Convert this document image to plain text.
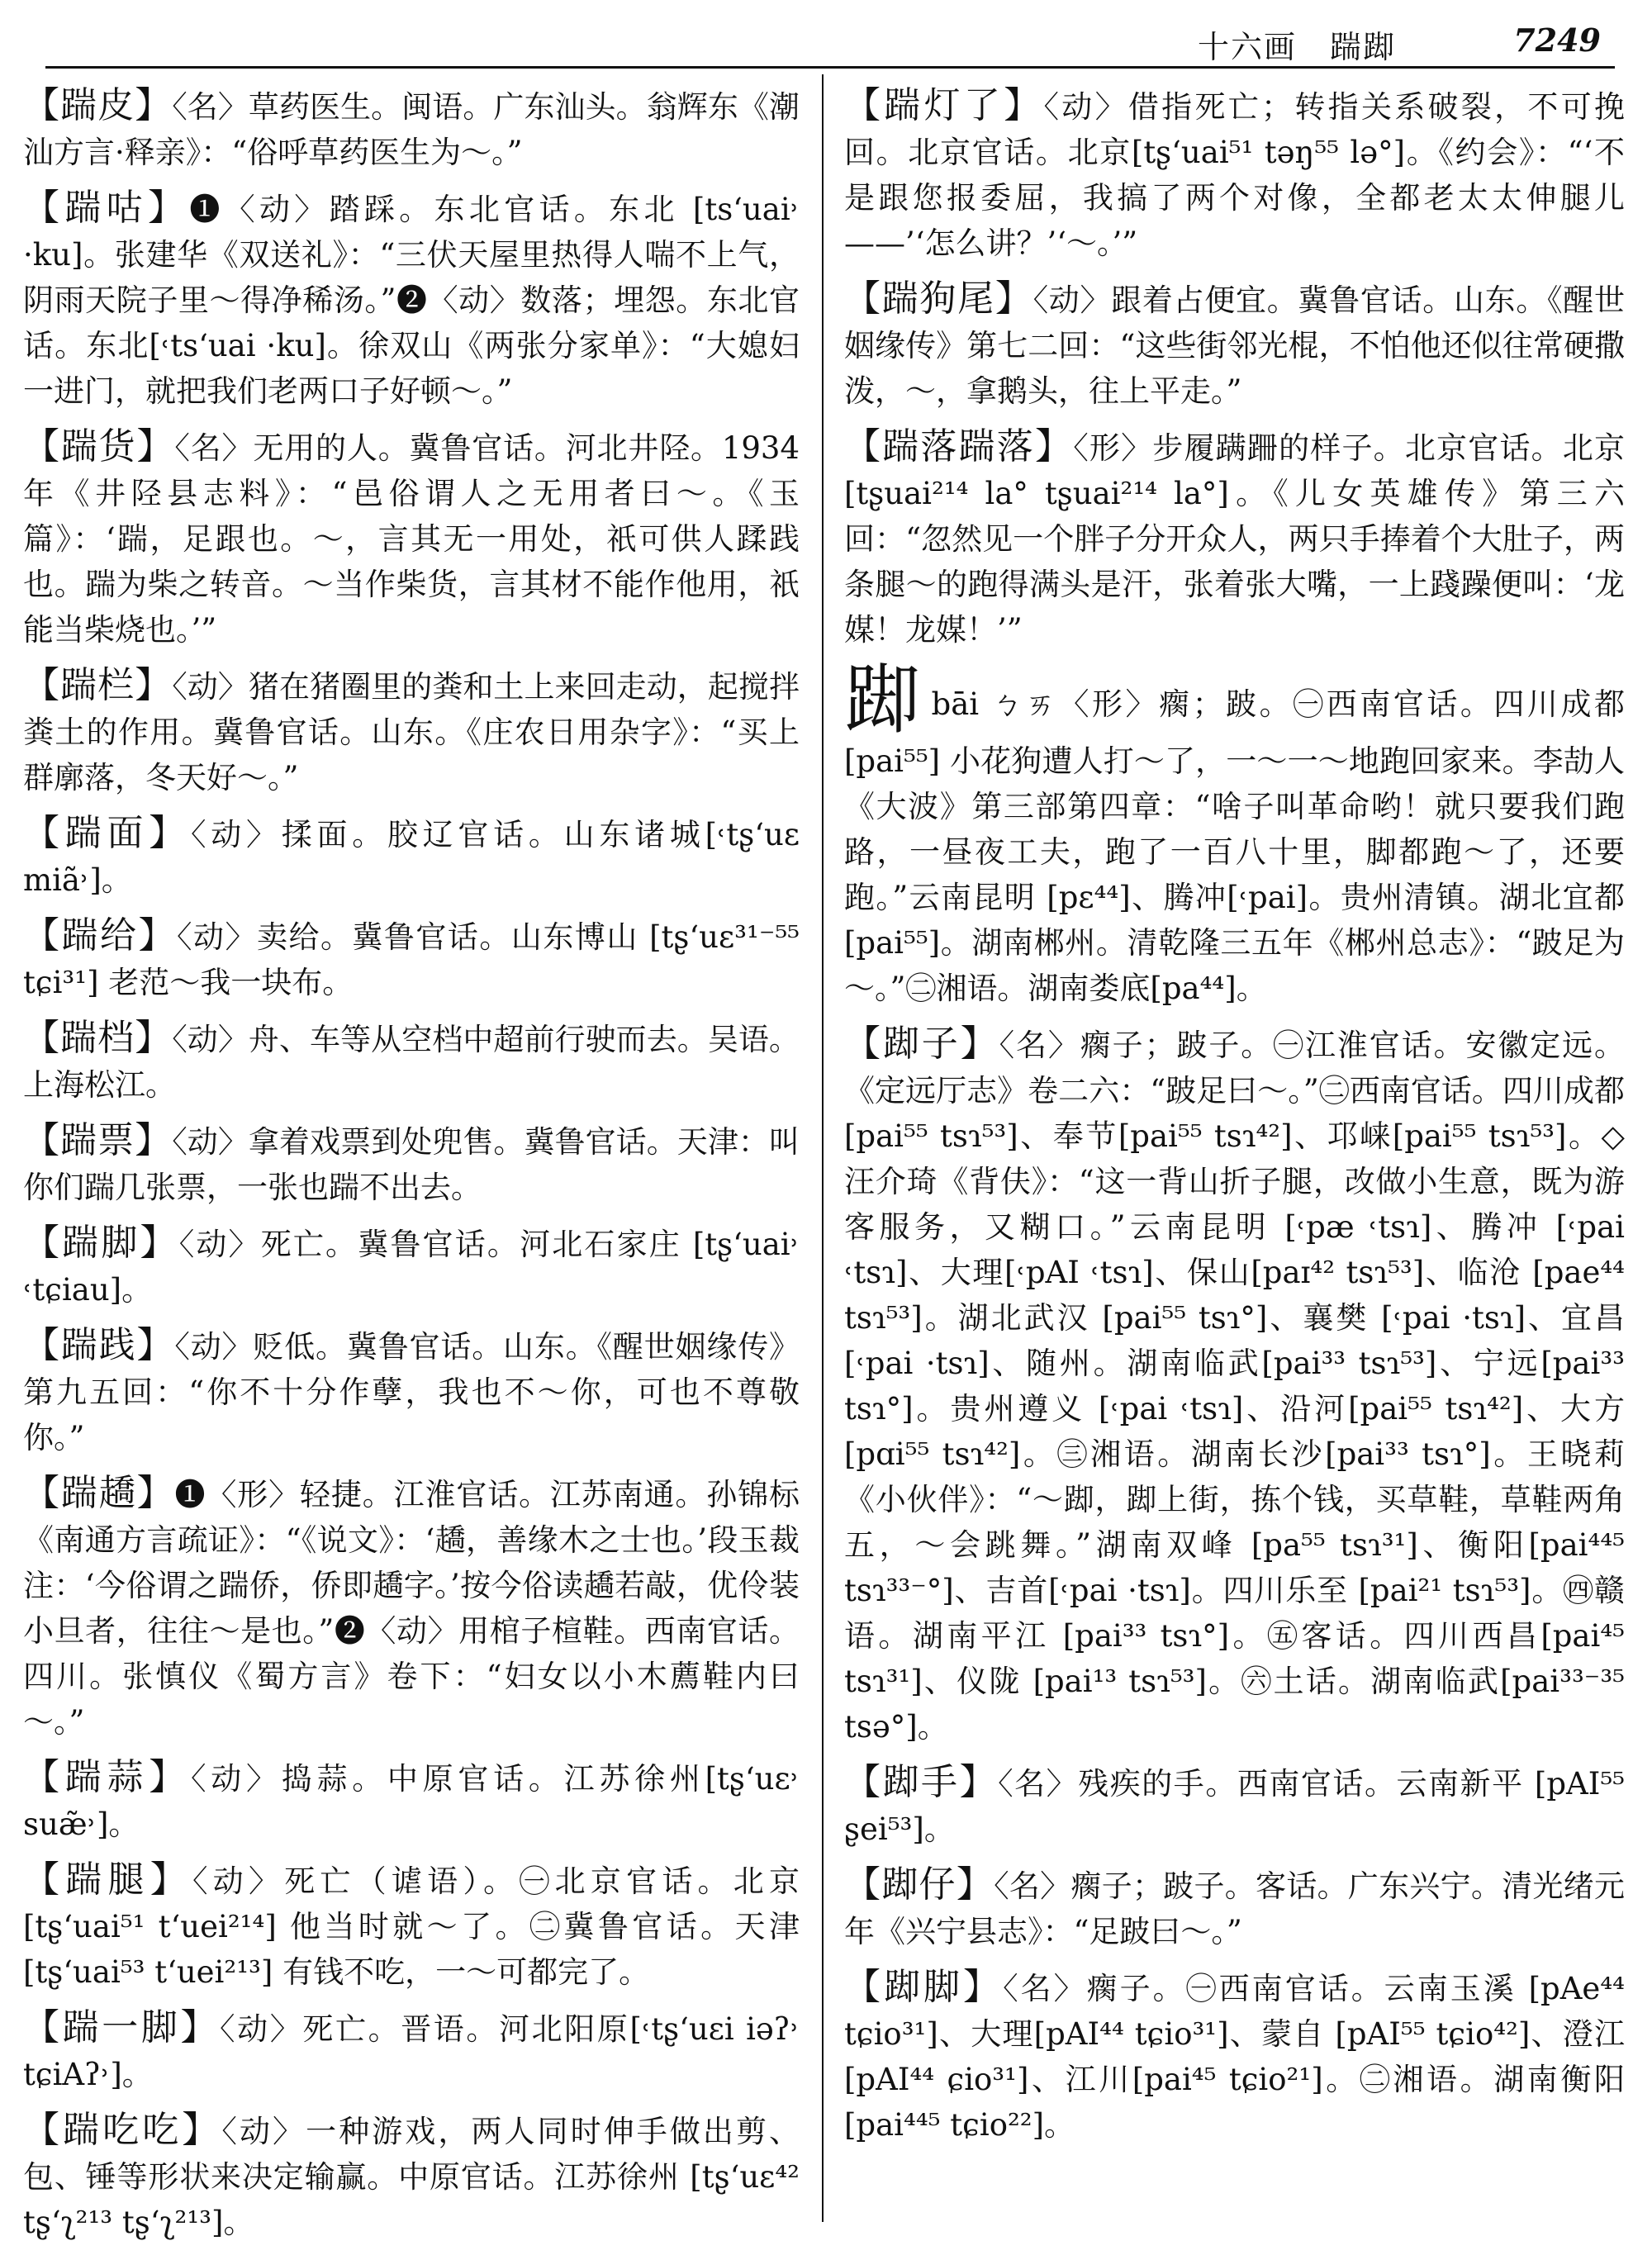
十六画　踹踋	7249

【踹皮】〈名〉草药医生。闽语。广东汕头。翁辉东《潮汕方言·释亲》：“俗呼草药医生为～。”

【踹咕】❶〈动〉踏踩。东北官话。东北 [tsʻuai˒ ·ku]。张建华《双送礼》：“三伏天屋里热得人喘不上气，阴雨天院子里～得净稀汤。”❷〈动〉数落；埋怨。东北官话。东北[˓tsʻuai ·ku]。徐双山《两张分家单》：“大媳妇一进门，就把我们老两口子好顿～。”

【踹货】〈名〉无用的人。冀鲁官话。河北井陉。1934年《井陉县志料》：“邑俗谓人之无用者曰～。《玉篇》：‘踹，足跟也。～，言其无一用处，祇可供人蹂践也。踹为柴之转音。～当作柴货，言其材不能作他用，祇能当柴烧也。’”

【踹栏】〈动〉猪在猪圈里的粪和土上来回走动，起搅拌粪土的作用。冀鲁官话。山东。《庄农日用杂字》：“买上群廓落，冬天好～。”

【踹面】〈动〉揉面。胶辽官话。山东诸城[˓tʂʻuɛ miã˒]。

【踹给】〈动〉卖给。冀鲁官话。山东博山 [tʂʻuɛ³¹⁻⁵⁵ tɕi³¹] 老范～我一块布。

【踹档】〈动〉舟、车等从空档中超前行驶而去。吴语。上海松江。

【踹票】〈动〉拿着戏票到处兜售。冀鲁官话。天津：叫你们踹几张票，一张也踹不出去。

【踹脚】〈动〉死亡。冀鲁官话。河北石家庄 [tʂʻuai˒ ˓tɕiau]。

【踹践】〈动〉贬低。冀鲁官话。山东。《醒世姻缘传》第九五回：“你不十分作孽，我也不～你，可也不尊敬你。”

【踹趫】❶〈形〉轻捷。江淮官话。江苏南通。孙锦标《南通方言疏证》：“《说文》：‘趫，善缘木之士也。’段玉裁注：‘今俗谓之踹侨，侨即趫字。’按今俗读趫若敲，优伶装小旦者，往往～是也。”❷〈动〉用棺子楦鞋。西南官话。四川。张慎仪《蜀方言》卷下：“妇女以小木薦鞋内曰～。”

【踹蒜】〈动〉捣蒜。中原官话。江苏徐州[tʂʻuɛ˒ suæ̃˒]。

【踹腿】〈动〉死亡（谑语）。㊀北京官话。北京[tʂʻuai⁵¹ tʻuei²¹⁴] 他当时就～了。㊁冀鲁官话。天津[tʂʻuai⁵³ tʻuei²¹³] 有钱不吃，一～可都完了。

【踹一脚】〈动〉死亡。晋语。河北阳原[˓tʂʻuɛi iəʔ˒ tɕiAʔ˒]。

【踹吃吃】〈动〉一种游戏，两人同时伸手做出剪、包、锤等形状来决定输赢。中原官话。江苏徐州 [tʂʻuɛ⁴² tʂʻʅ²¹³ tʂʻʅ²¹³]。

【踹灯了】〈动〉借指死亡；转指关系破裂，不可挽回。北京官话。北京[tʂʻuai⁵¹ təŋ⁵⁵ lə°]。《约会》：“‘不是跟您报委屈，我搞了两个对像，全都老太太伸腿儿——’‘怎么讲？’‘～。’”

【踹狗尾】〈动〉跟着占便宜。冀鲁官话。山东。《醒世姻缘传》第七二回：“这些街邻光棍，不怕他还似往常硬撒泼，～，拿鹅头，往上平走。”

【踹落踹落】〈形〉步履蹒跚的样子。北京官话。北京 [tʂuai²¹⁴ la° tʂuai²¹⁴ la°]。《儿女英雄传》第三六回：“忽然见一个胖子分开众人，两只手捧着个大肚子，两条腿～的跑得满头是汗，张着张大嘴，一上踐躁便叫：‘龙媒！龙媒！’”

踋bāi ㄅㄞ〈形〉瘸；跛。㊀西南官话。四川成都 [pai⁵⁵] 小花狗遭人打～了，一～一～地跑回家来。李劼人《大波》第三部第四章：“啥子叫革命哟！就只要我们跑路，一昼夜工夫，跑了一百八十里，脚都跑～了，还要跑。”云南昆明 [pɛ⁴⁴]、腾冲[˓pai]。贵州清镇。湖北宜都 [pai⁵⁵]。湖南郴州。清乾隆三五年《郴州总志》：“跛足为～。”㊁湘语。湖南娄底[pa⁴⁴]。

【踋子】〈名〉瘸子；跛子。㊀江淮官话。安徽定远。《定远厅志》卷二六：“跛足曰～。”㊁西南官话。四川成都 [pai⁵⁵ tsɿ⁵³]、奉节[pai⁵⁵ tsɿ⁴²]、邛崃[pai⁵⁵ tsɿ⁵³]。◇汪介琦《背伕》：“这一背山折子腿，改做小生意，既为游客服务，又糊口。”云南昆明 [˓pæ ˓tsɿ]、腾冲 [˓pai ˓tsɿ]、大理[˓pAI ˓tsɿ]、保山[paɪ⁴² tsɿ⁵³]、临沧 [pae⁴⁴ tsɿ⁵³]。湖北武汉 [pai⁵⁵ tsɿ°]、襄樊 [˓pai ·tsɿ]、宜昌[˓pai ·tsɿ]、随州。湖南临武[pai³³ tsɿ⁵³]、宁远[pai³³ tsɿ°]。贵州遵义 [˓pai ˓tsɿ]、沿河[pai⁵⁵ tsɿ⁴²]、大方[pɑi⁵⁵ tsɿ⁴²]。㊂湘语。湖南长沙[pai³³ tsɿ°]。王晓莉《小伙伴》：“～踋，踋上街，拣个钱，买草鞋，草鞋两角五，～会跳舞。”湖南双峰 [pa⁵⁵ tsɿ³¹]、衡阳[pai⁴⁴⁵ tsɿ³³⁻°]、吉首[˓pai ·tsɿ]。四川乐至 [pai²¹ tsɿ⁵³]。㊃赣语。湖南平江 [pai³³ tsɿ°]。㊄客话。四川西昌[pai⁴⁵ tsɿ³¹]、仪陇 [pai¹³ tsɿ⁵³]。㊅土话。湖南临武[pai³³⁻³⁵ tsə°]。

【踋手】〈名〉残疾的手。西南官话。云南新平 [pAI⁵⁵ ʂei⁵³]。

【踋仔】〈名〉瘸子；跛子。客话。广东兴宁。清光绪元年《兴宁县志》：“足跛曰～。”

【踋脚】〈名〉瘸子。㊀西南官话。云南玉溪 [pAe⁴⁴ tɕio³¹]、大理[pAI⁴⁴ tɕio³¹]、蒙自 [pAI⁵⁵ tɕio⁴²]、澄江[pAI⁴⁴ ɕio³¹]、江川[pai⁴⁵ tɕio²¹]。㊁湘语。湖南衡阳[pai⁴⁴⁵ tɕio²²]。
